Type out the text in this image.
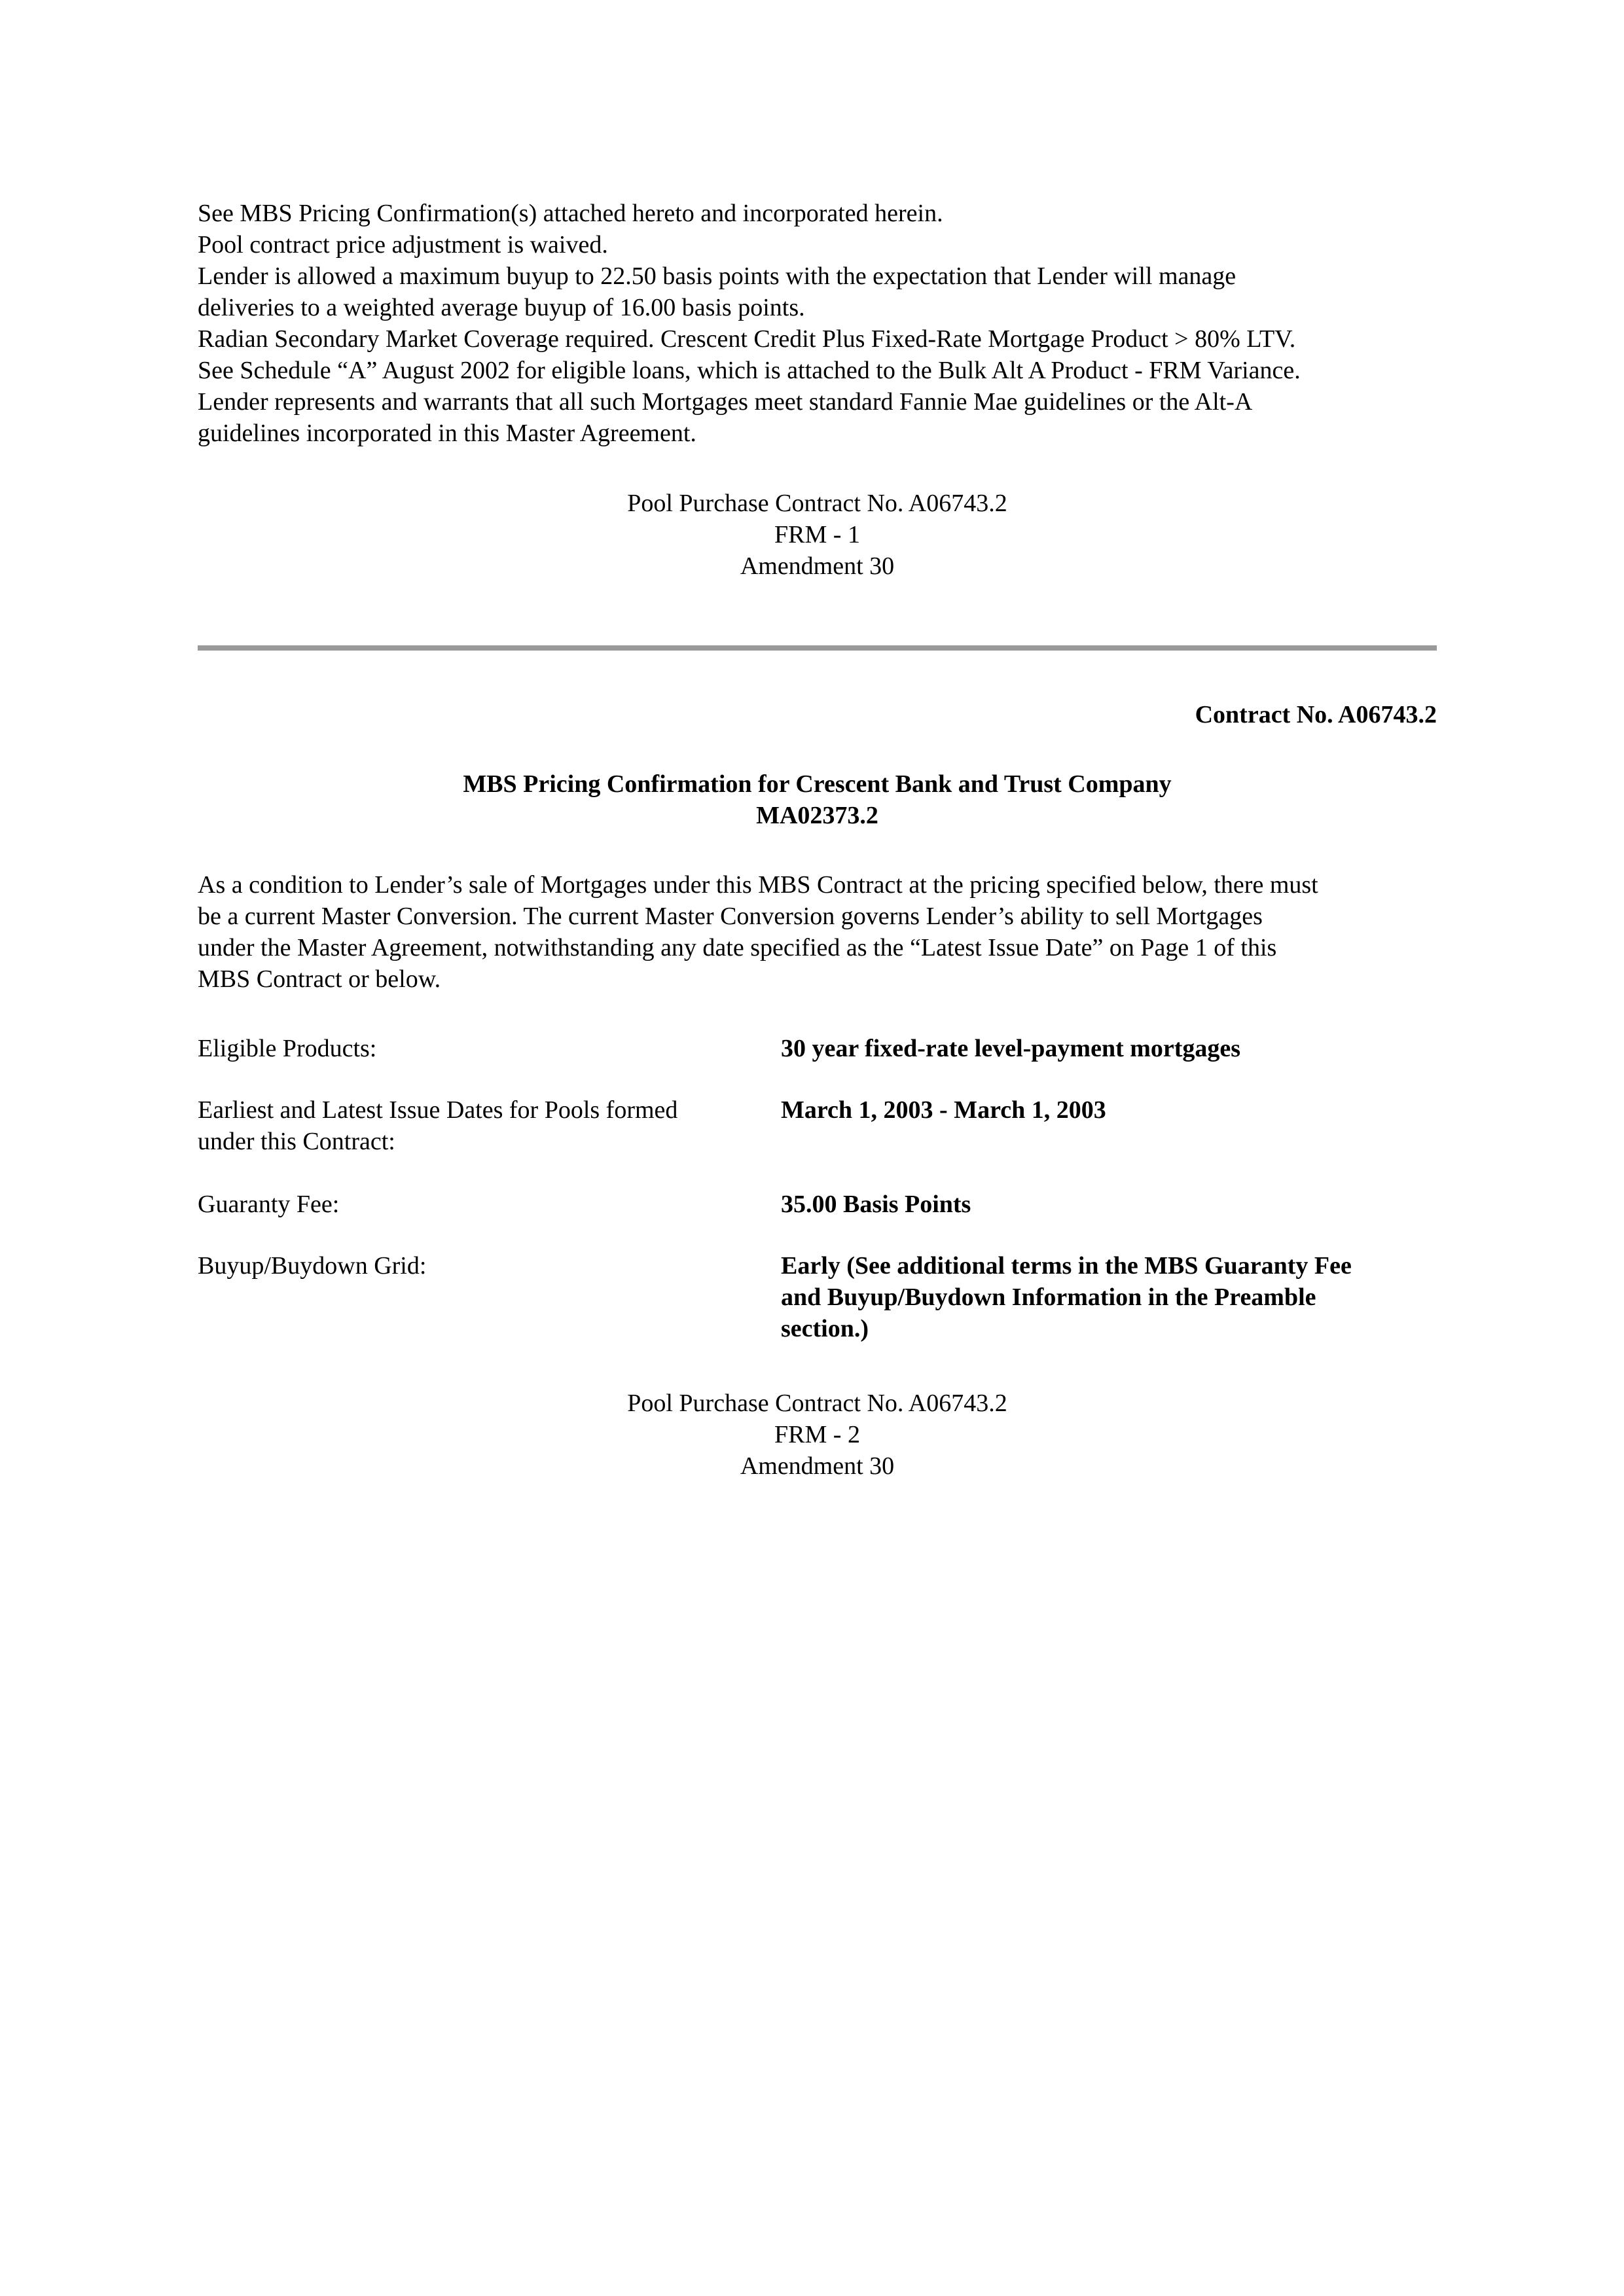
See MBS Pricing Confirmation(s) attached hereto and incorporated herein.

Pool contract price adjustment is waived.

Lender is allowed a maximum buyup to 22.50 basis points with the expectation that Lender will manage

deliveries to a weighted average buyup of 16.00 basis points.

Radian Secondary Market Coverage required. Crescent Credit Plus Fixed-Rate Mortgage Product > 80% LTV.

See Schedule “A” August 2002 for eligible loans, which is attached to the Bulk Alt A Product - FRM Variance.

Lender represents and warrants that all such Mortgages meet standard Fannie Mae guidelines or the Alt-A

guidelines incorporated in this Master Agreement.

Pool Purchase Contract No. A06743.2
FRM - 1
Amendment 30
Contract No. A06743.2
MBS Pricing Confirmation for Crescent Bank and Trust Company
MA02373.2
As a condition to Lender’s sale of Mortgages under this MBS Contract at the pricing specified below, there must
be a current Master Conversion. The current Master Conversion governs Lender’s ability to sell Mortgages
under the Master Agreement, notwithstanding any date specified as the “Latest Issue Date” on Page 1 of this
MBS Contract or below.
Eligible Products:	30 year fixed-rate level-payment mortgages
Earliest and Latest Issue Dates for Pools formed
under this Contract:
March 1, 2003 - March 1, 2003
Guaranty Fee:	35.00 Basis Points
Buyup/Buydown Grid:	Early (See additional terms in the MBS Guaranty Fee
and Buyup/Buydown Information in the Preamble
section.)
Pool Purchase Contract No. A06743.2
FRM - 2
Amendment 30
